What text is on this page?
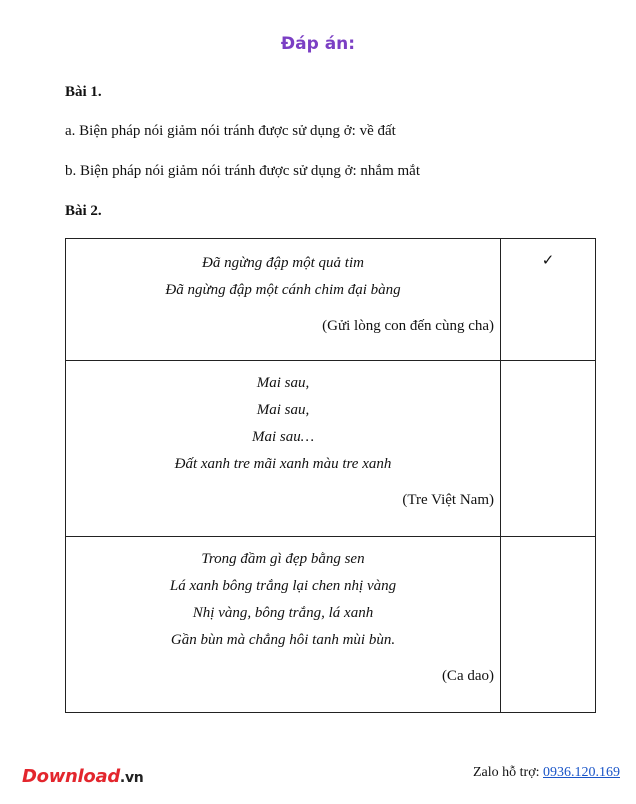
Đáp án:
Bài 1.
a. Biện pháp nói giảm nói tránh được sử dụng ở: về đất
b. Biện pháp nói giảm nói tránh được sử dụng ở: nhắm mắt
Bài 2.
Đã ngừng đập một quả tim
Đã ngừng đập một cánh chim đại bàng
(Gửi lòng con đến cùng cha)	✓

Mai sau,
Mai sau,
Mai sau…
Đất xanh tre mãi xanh màu tre xanh
(Tre Việt Nam)	

Trong đầm gì đẹp bằng sen
Lá xanh bông trắng lại chen nhị vàng
Nhị vàng, bông trắng, lá xanh
Gần bùn mà chẳng hôi tanh mùi bùn.
(Ca dao)	

Download.vn	Zalo hỗ trợ: 0936.120.169
